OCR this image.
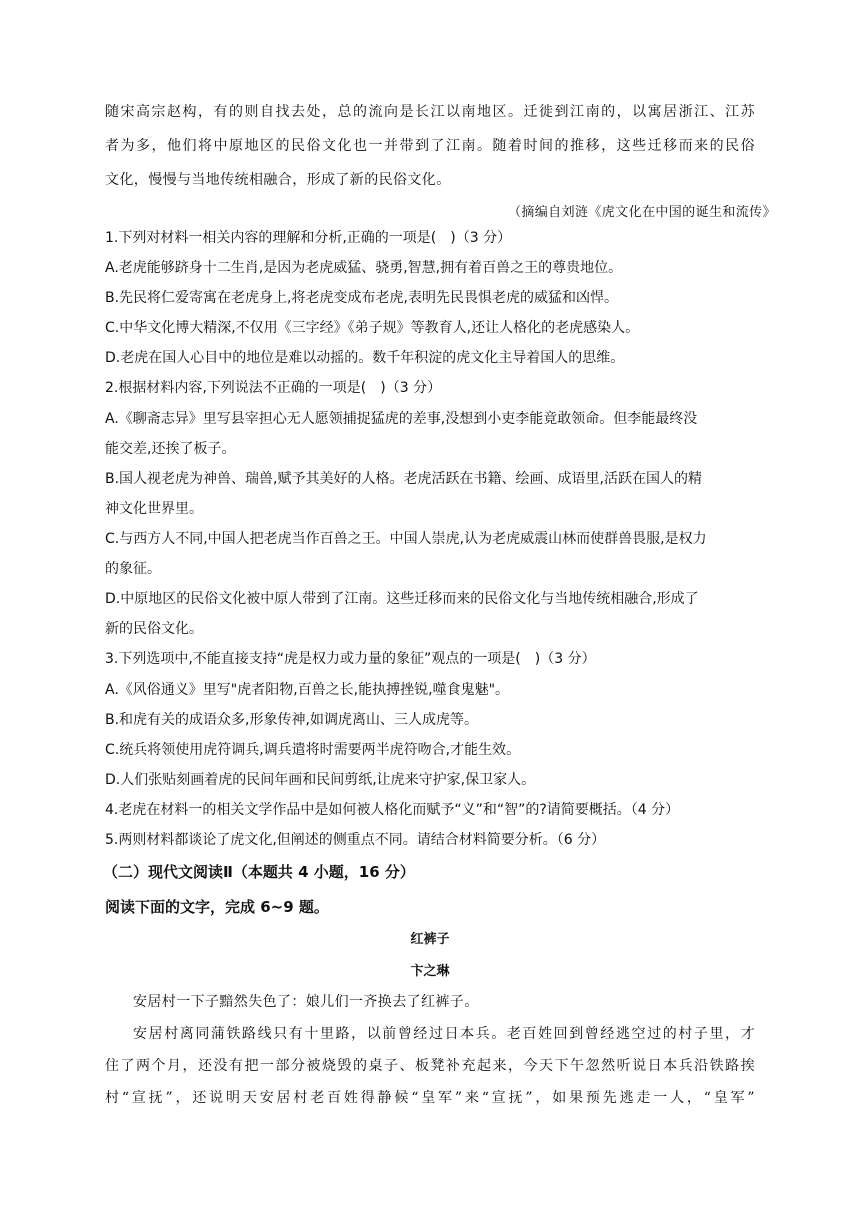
随宋高宗赵构，有的则自找去处，总的流向是长江以南地区。迁徙到江南的，以寓居浙江、江苏
者为多，他们将中原地区的民俗文化也一并带到了江南。随着时间的推移，这些迁移而来的民俗
文化，慢慢与当地传统相融合，形成了新的民俗文化。
（摘编自刘涟《虎文化在中国的诞生和流传》
1.下列对材料一相关内容的理解和分析,正确的一项是(　)（3 分）
A.老虎能够跻身十二生肖,是因为老虎威猛、骁勇,智慧,拥有着百兽之王的尊贵地位。
B.先民将仁爱寄寓在老虎身上,将老虎变成布老虎,表明先民畏惧老虎的威猛和凶悍。
C.中华文化博大精深,不仅用《三字经》《弟子规》等教育人,还让人格化的老虎感染人。
D.老虎在国人心目中的地位是难以动摇的。数千年积淀的虎文化主导着国人的思维。
2.根据材料内容,下列说法不正确的一项是(　)（3 分）
A.《聊斋志异》里写县宰担心无人愿领捕捉猛虎的差事,没想到小吏李能竟敢领命。但李能最终没
能交差,还挨了板子。
B.国人视老虎为神兽、瑞兽,赋予其美好的人格。老虎活跃在书籍、绘画、成语里,活跃在国人的精
神文化世界里。
C.与西方人不同,中国人把老虎当作百兽之王。中国人崇虎,认为老虎威震山林而使群兽畏服,是权力
的象征。
D.中原地区的民俗文化被中原人带到了江南。这些迁移而来的民俗文化与当地传统相融合,形成了
新的民俗文化。
3.下列选项中,不能直接支持“虎是权力或力量的象征”观点的一项是(　)（3 分）
A.《风俗通义》里写"虎者阳物,百兽之长,能执搏挫锐,噬食鬼魅"。
B.和虎有关的成语众多,形象传神,如调虎离山、三人成虎等。
C.统兵将领使用虎符调兵,调兵遣将时需要两半虎符吻合,才能生效。
D.人们张贴刻画着虎的民间年画和民间剪纸,让虎来守护家,保卫家人。
4.老虎在材料一的相关文学作品中是如何被人格化而赋予“义”和“智”的?请简要概括。（4 分）
5.两则材料都谈论了虎文化,但阐述的侧重点不同。请结合材料简要分析。（6 分）
（二）现代文阅读Ⅱ（本题共 4 小题，16 分）
阅读下面的文字，完成 6~9 题。
红裤子
卞之琳
安居村一下子黯然失色了：娘儿们一齐换去了红裤子。
安居村离同蒲铁路线只有十里路，以前曾经过日本兵。老百姓回到曾经逃空过的村子里，才
住了两个月，还没有把一部分被烧毁的桌子、板凳补充起来，今天下午忽然听说日本兵沿铁路挨
村“宣抚”，还说明天安居村老百姓得静候“皇军”来“宣抚”，如果预先逃走一人，“皇军”
